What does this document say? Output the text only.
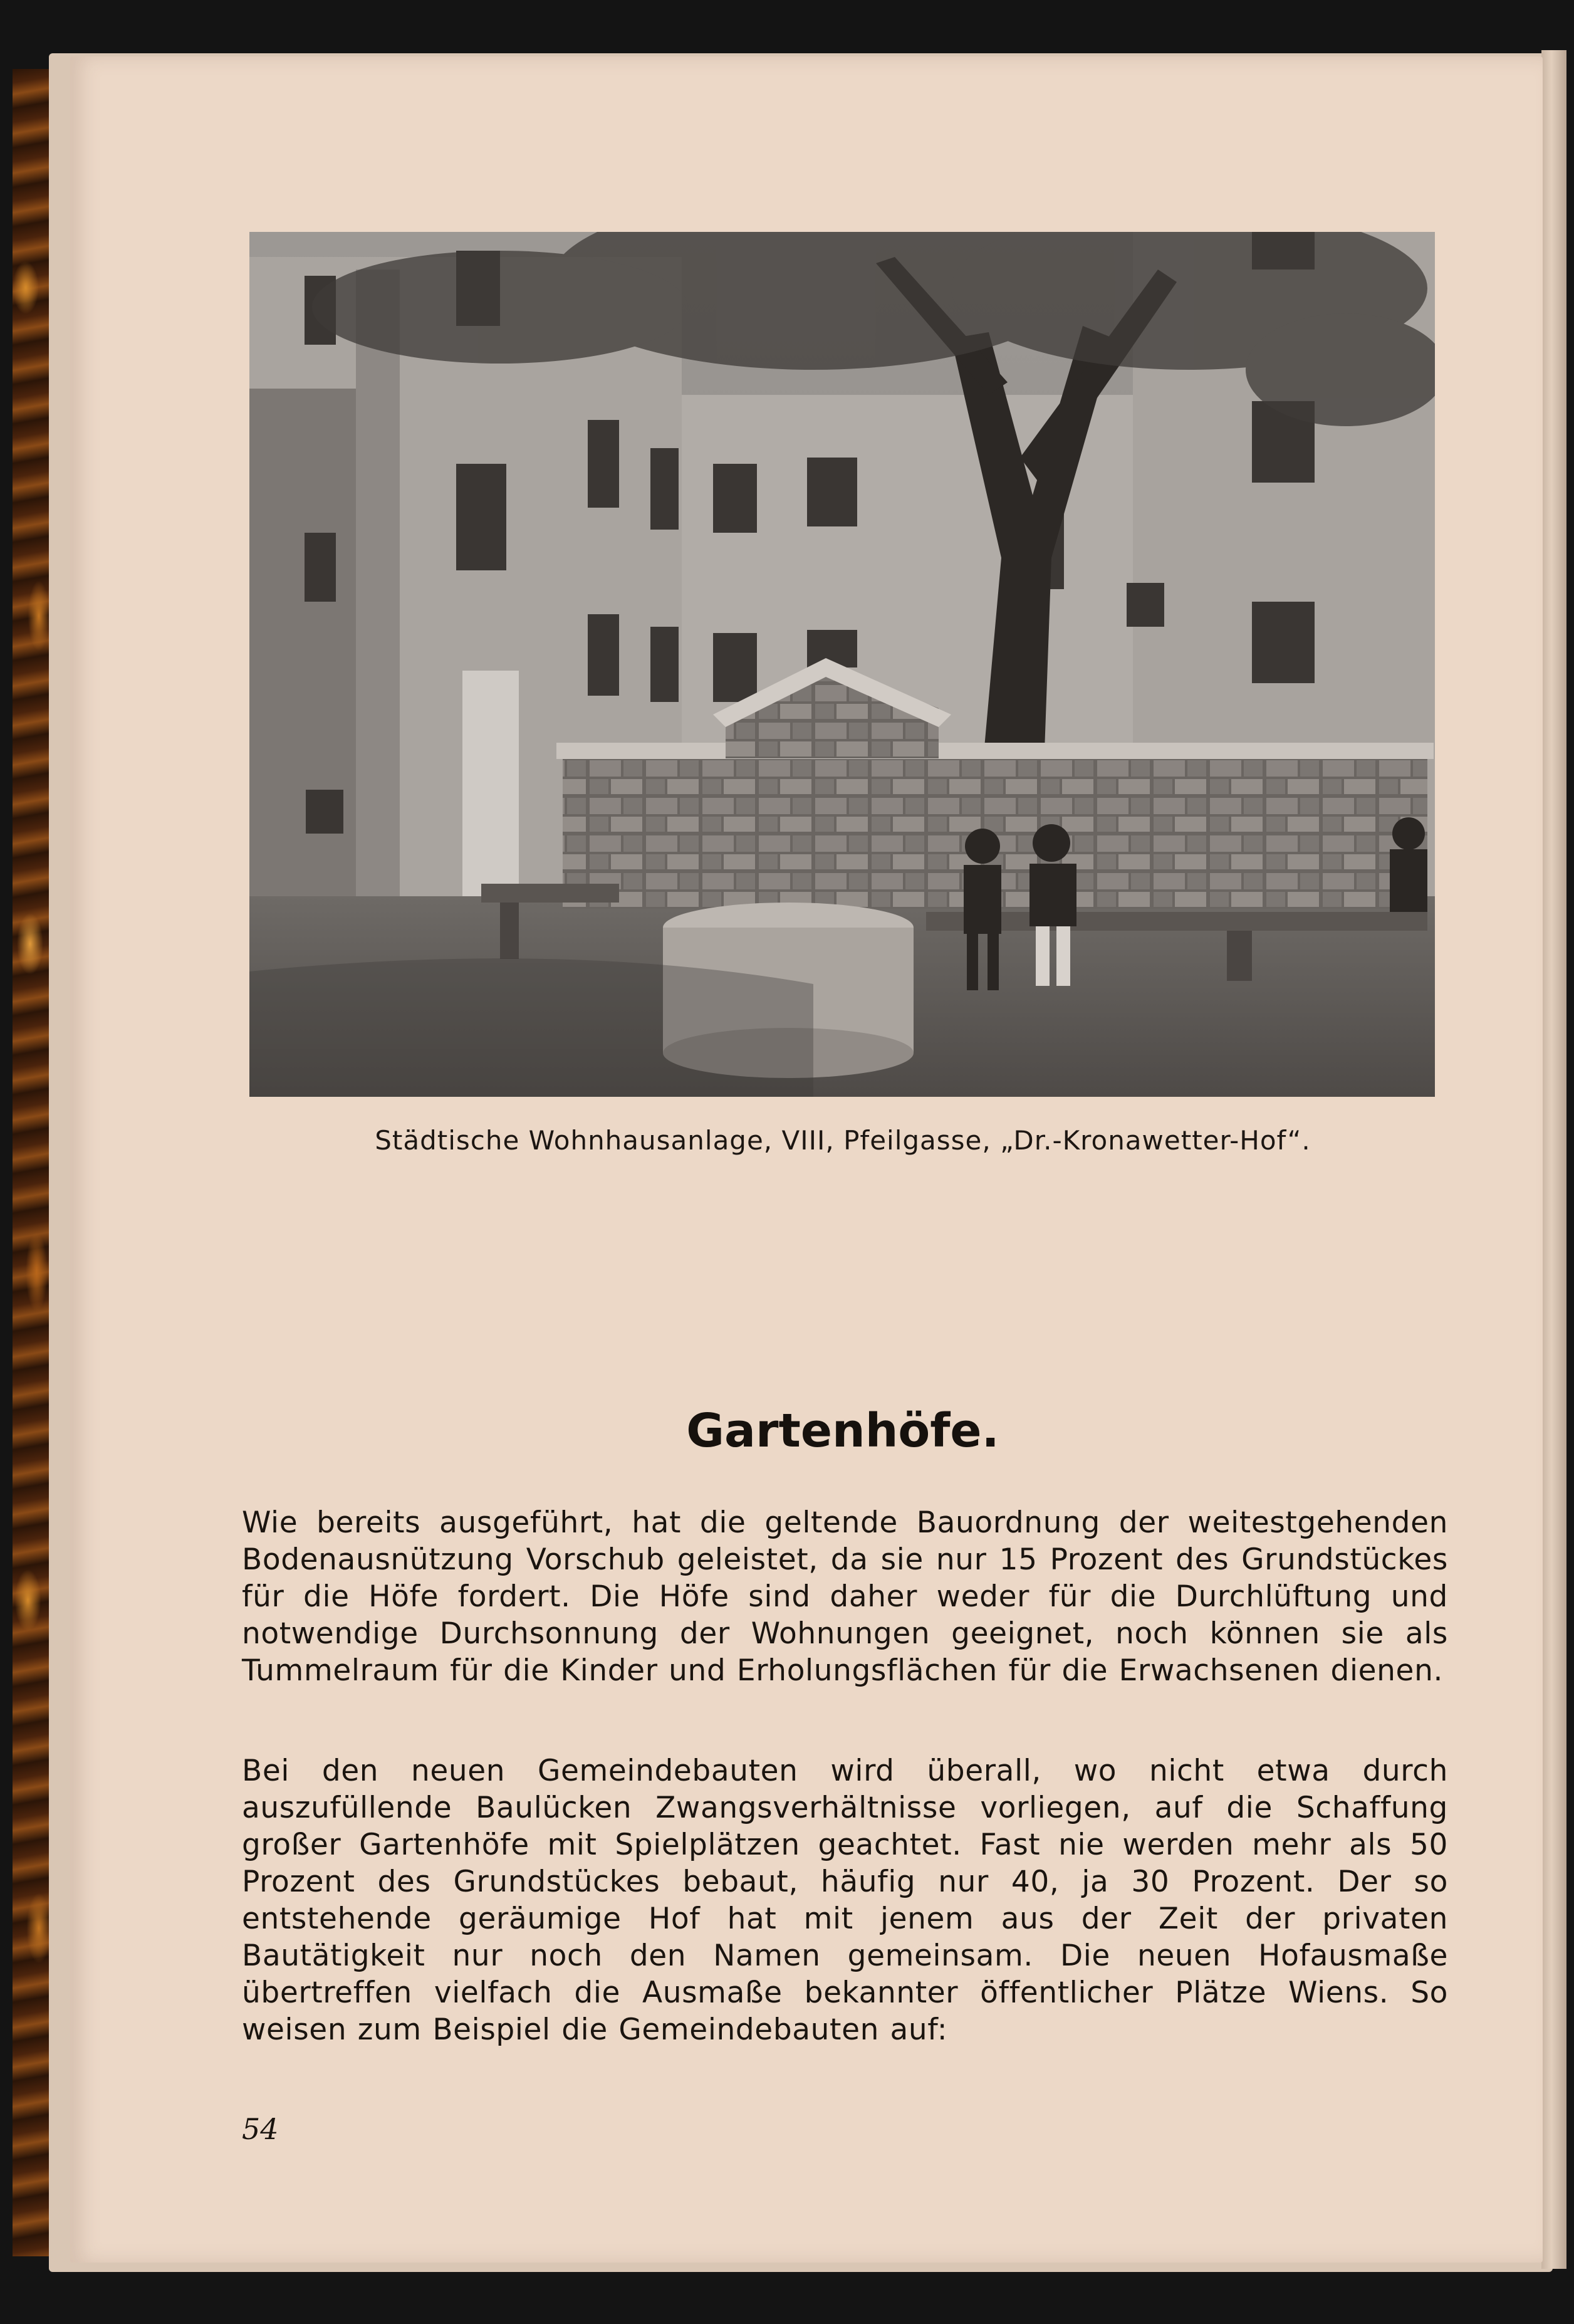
Städtische Wohnhausanlage, VIII, Pfeilgasse, „Dr.-Kronawetter-Hof“.
Gartenhöfe.
Wie bereits ausgeführt, hat die geltende Bauordnung der weitestgehenden Bodenausnützung Vorschub geleistet, da sie nur 15 Prozent des Grundstückes für die Höfe fordert. Die Höfe sind daher weder für die Durchlüftung und notwendige Durchsonnung der Wohnungen geeignet, noch können sie als Tummelraum für die Kinder und Erholungsflächen für die Erwachsenen dienen.
Bei den neuen Gemeindebauten wird überall, wo nicht etwa durch auszufüllende Baulücken Zwangsverhältnisse vorliegen, auf die Schaffung großer Gartenhöfe mit Spielplätzen geachtet. Fast nie werden mehr als 50 Prozent des Grundstückes bebaut, häufig nur 40, ja 30 Prozent. Der so entstehende geräumige Hof hat mit jenem aus der Zeit der privaten Bautätigkeit nur noch den Namen gemeinsam. Die neuen Hofausmaße übertreffen vielfach die Ausmaße bekannter öffentlicher Plätze Wiens. So weisen zum Beispiel die Gemeindebauten auf:
54
